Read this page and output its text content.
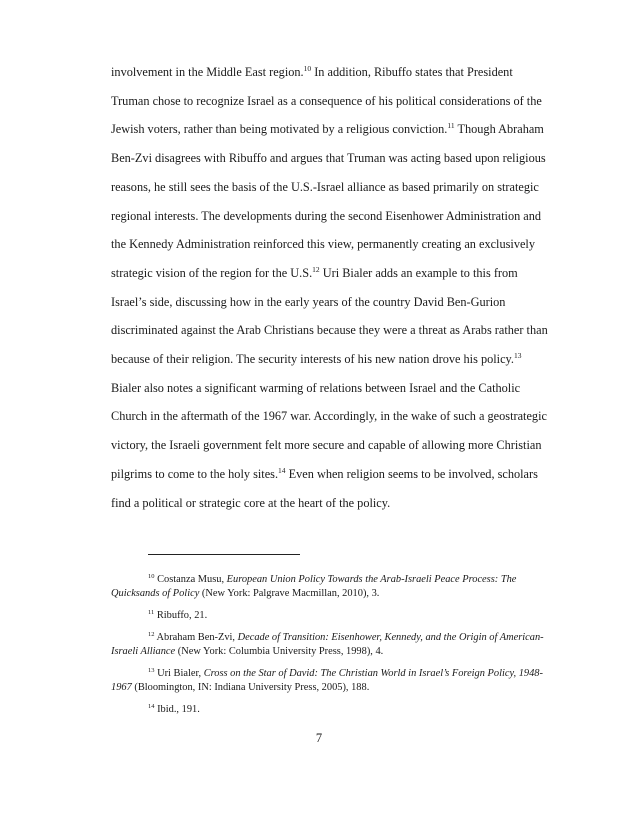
involvement in the Middle East region.$^{10}$ In addition, Ribuffo states that President
Truman chose to recognize Israel as a consequence of his political considerations of the
Jewish voters, rather than being motivated by a religious conviction.$^{11}$ Though Abraham
Ben-Zvi disagrees with Ribuffo and argues that Truman was acting based upon religious
reasons, he still sees the basis of the U.S.-Israel alliance as based primarily on strategic
regional interests. The developments during the second Eisenhower Administration and
the Kennedy Administration reinforced this view, permanently creating an exclusively
strategic vision of the region for the U.S.$^{12}$ Uri Bialer adds an example to this from
Israel’s side, discussing how in the early years of the country David Ben-Gurion
discriminated against the Arab Christians because they were a threat as Arabs rather than
because of their religion. The security interests of his new nation drove his policy.$^{13}$
Bialer also notes a significant warming of relations between Israel and the Catholic
Church in the aftermath of the 1967 war. Accordingly, in the wake of such a geostrategic
victory, the Israeli government felt more secure and capable of allowing more Christian
pilgrims to come to the holy sites.$^{14}$ Even when religion seems to be involved, scholars
find a political or strategic core at the heart of the policy.
$^{10}$ Costanza Musu, European Union Policy Towards the Arab-Israeli Peace Process: The
Quicksands of Policy (New York: Palgrave Macmillan, 2010), 3.
$^{11}$ Ribuffo, 21.
$^{12}$ Abraham Ben-Zvi, Decade of Transition: Eisenhower, Kennedy, and the Origin of American-
Israeli Alliance (New York: Columbia University Press, 1998), 4.
$^{13}$ Uri Bialer, Cross on the Star of David: The Christian World in Israel’s Foreign Policy, 1948-
1967 (Bloomington, IN: Indiana University Press, 2005), 188.
$^{14}$ Ibid., 191.
7
